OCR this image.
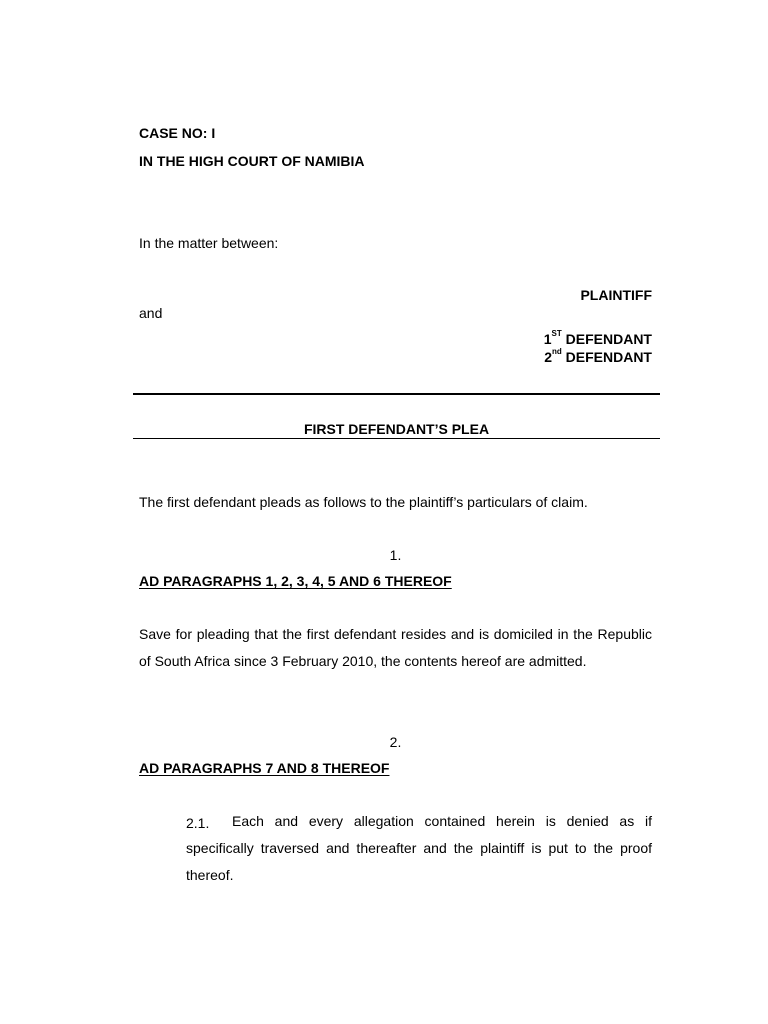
CASE NO: I
IN THE HIGH COURT OF NAMIBIA
In the matter between:
PLAINTIFF
and
1ST DEFENDANT
2nd DEFENDANT
FIRST DEFENDANT’S PLEA
The first defendant pleads as follows to the plaintiff’s particulars of claim.
1.
AD PARAGRAPHS 1, 2, 3, 4, 5 AND 6 THEREOF
Save for pleading that the first defendant resides and is domiciled in the Republic of South Africa since 3 February 2010, the contents hereof are admitted.
2.
AD PARAGRAPHS 7 AND 8 THEREOF
2.1.	Each and every allegation contained herein is denied as if specifically traversed and thereafter and the plaintiff is put to the proof thereof.
